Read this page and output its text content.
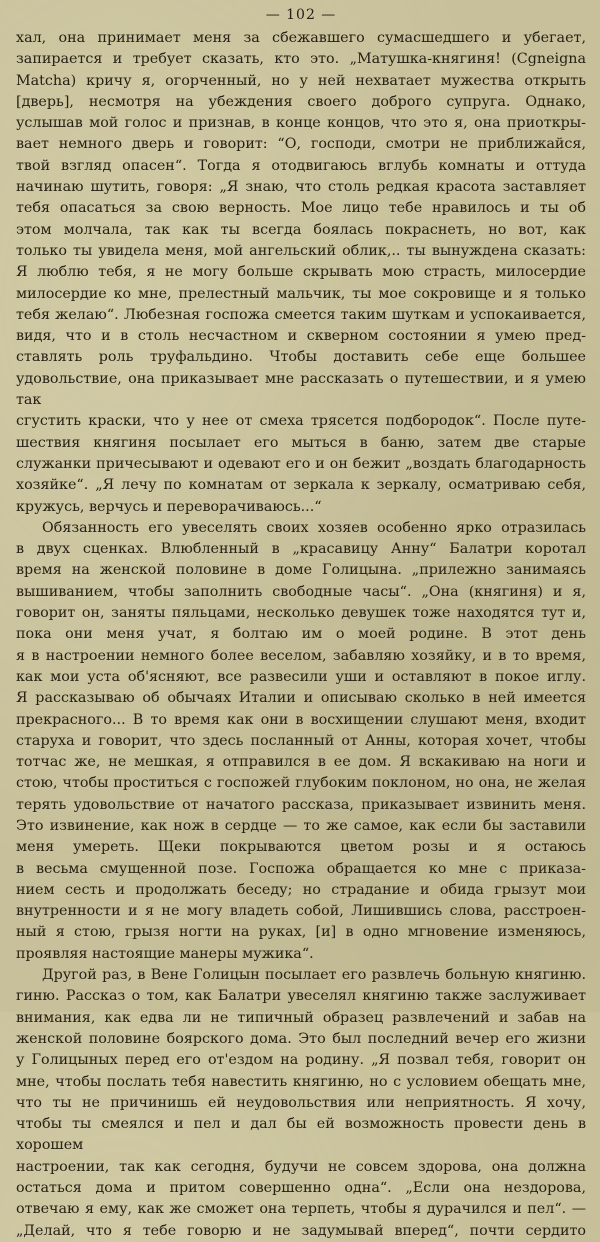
— 102 —

хал, она принимает меня за сбежавшего сумасшедшего и убегает,

запирается и требует сказать, кто это. „Матушка-княгиня! (Cgneigna

Matcha) кричу я, огорченный, но у ней нехватает мужества открыть

[дверь], несмотря на убеждения своего доброго супруга. Однако,

услышав мой голос и признав, в конце концов, что это я, она приоткры-

вает немного дверь и говорит: “О, господи, смотри не приближайся,

твой взгляд опасен“. Тогда я отодвигаюсь вглубь комнаты и оттуда

начинаю шутить, говоря: „Я знаю, что столь редкая красота заставляет

тебя опасаться за свою верность. Мое лицо тебе нравилось и ты об

этом молчала, так как ты всегда боялась покраснеть, но вот, как

только ты увидела меня, мой ангельский облик,.. ты вынуждена сказать:

Я люблю тебя, я не могу больше скрывать мою страсть, милосердие

милосердие ко мне, прелестный мальчик, ты мое сокровище и я только

тебя желаю“. Любезная госпожа смеется таким шуткам и успокаивается,

видя, что и в столь несчастном и скверном состоянии я умею пред-

ставлять роль труфальдино. Чтобы доставить себе еще большее

удовольствие, она приказывает мне рассказать о путешествии, и я умею так

сгустить краски, что у нее от смеха трясется подбородок“. После путе-

шествия княгиня посылает его мыться в баню, затем две старые

служанки причесывают и одевают его и он бежит „воздать благодарность

хозяйке“. „Я лечу по комнатам от зеркала к зеркалу, осматриваю себя,

кружусь, верчусь и переворачиваюсь...“

Обязанность его увеселять своих хозяев особенно ярко отразилась

в двух сценках. Влюбленный в „красавицу Анну“ Балатри коротал

время на женской половине в доме Голицына. „прилежно занимаясь

вышиванием, чтобы заполнить свободные часы“. „Она (княгиня) и я,

говорит он, заняты пяльцами, несколько девушек тоже находятся тут и,

пока они меня учат, я болтаю им о моей родине. В этот день

я в настроении немного более веселом, забавляю хозяйку, и в то время,

как мои уста об'ясняют, все развесили уши и оставляют в покое иглу.

Я рассказываю об обычаях Италии и описываю сколько в ней имеется

прекрасного... В то время как они в восхищении слушают меня, входит

старуха и говорит, что здесь посланный от Анны, которая хочет, чтобы

тотчас же, не мешкая, я отправился в ее дом. Я вскакиваю на ноги и

стою, чтобы проститься с госпожей глубоким поклоном, но она, не желая

терять удовольствие от начатого рассказа, приказывает извинить меня.

Это извинение, как нож в сердце — то же самое, как если бы заставили

меня умереть. Щеки покрываются цветом розы и я остаюсь

в весьма смущенной позе. Госпожа обращается ко мне с приказа-

нием сесть и продолжать беседу; но страдание и обида грызут мои

внутренности и я не могу владеть собой, Лишившись слова, расстроен-

ный я стою, грызя ногти на руках, [и] в одно мгновение изменяюсь,

проявляя настоящие манеры мужика“.

Другой раз, в Вене Голицын посылает его развлечь больную княгиню.

гиню. Рассказ о том, как Балатри увеселял княгиню также заслуживает

внимания, как едва ли не типичный образец развлечений и забав на

женской половине боярского дома. Это был последний вечер его жизни

у Голицыных перед его от'ездом на родину. „Я позвал тебя, говорит он

мне, чтобы послать тебя навестить княгиню, но с условием обещать мне,

что ты не причинишь ей неудовольствия или неприятность. Я хочу,

чтобы ты смеялся и пел и дал бы ей возможность провести день в хорошем

настроении, так как сегодня, будучи не совсем здорова, она должна

остаться дома и притом совершенно одна“. „Если она нездорова,

отвечаю я ему, как же сможет она терпеть, чтобы я дурачился и пел“. —

„Делай, что я тебе говорю и не задумывай вперед“, почти сердито
